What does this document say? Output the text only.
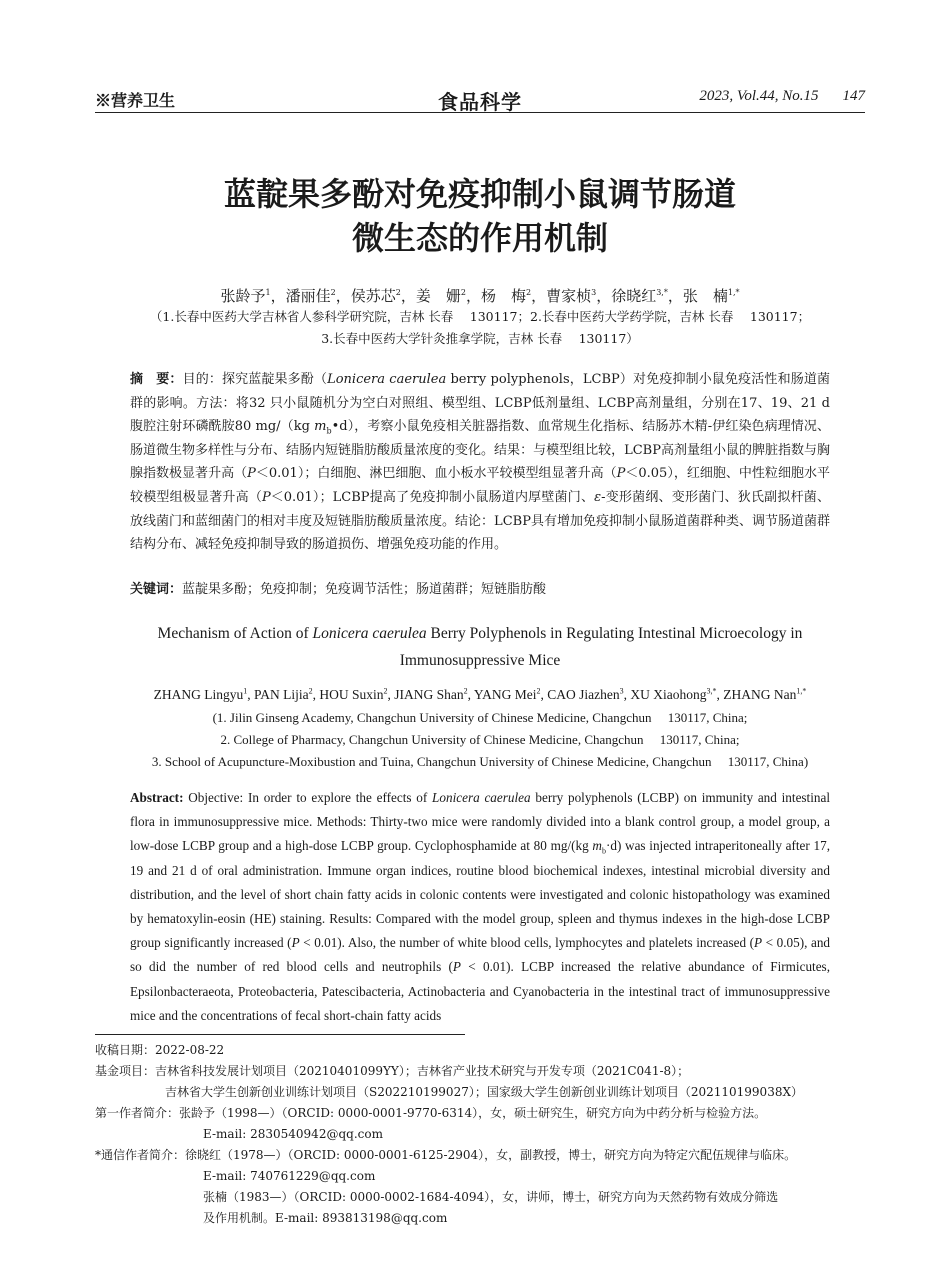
※营养卫生	食品科学	2023, Vol.44, No.15 147
蓝靛果多酚对免疫抑制小鼠调节肠道
微生态的作用机制
张龄予$^1$，潘丽佳$^2$，侯苏芯$^2$，姜　姗$^2$，杨　梅$^2$，曹家桢$^3$，徐晓红$^{3,*}$，张　楠$^{1,*}$
（1.长春中医药大学吉林省人参科学研究院，吉林 长春　 130117；2.长春中医药大学药学院，吉林 长春　 130117；
3.长春中医药大学针灸推拿学院，吉林 长春　 130117）
摘　要：目的：探究蓝靛果多酚（Lonicera caerulea berry polyphenols，LCBP）对免疫抑制小鼠免疫活性和肠道菌群的影响。方法：将32 只小鼠随机分为空白对照组、模型组、LCBP低剂量组、LCBP高剂量组，分别在17、19、21 d腹腔注射环磷酰胺80 mg/（kg $m_b•d$），考察小鼠免疫相关脏器指数、血常规生化指标、结肠苏木精-伊红染色病理情况、肠道微生物多样性与分布、结肠内短链脂肪酸质量浓度的变化。结果：与模型组比较，LCBP高剂量组小鼠的脾脏指数与胸腺指数极显著升高（P＜0.01）；白细胞、淋巴细胞、血小板水平较模型组显著升高（P＜0.05），红细胞、中性粒细胞水平较模型组极显著升高（P＜0.01）；LCBP提高了免疫抑制小鼠肠道内厚壁菌门、ε-变形菌纲、变形菌门、狄氏副拟杆菌、放线菌门和蓝细菌门的相对丰度及短链脂肪酸质量浓度。结论：LCBP具有增加免疫抑制小鼠肠道菌群种类、调节肠道菌群结构分布、减轻免疫抑制导致的肠道损伤、增强免疫功能的作用。
关键词：蓝靛果多酚；免疫抑制；免疫调节活性；肠道菌群；短链脂肪酸
Mechanism of Action of Lonicera caerulea Berry Polyphenols in Regulating Intestinal Microecology in
Immunosuppressive Mice
ZHANG Lingyu$^1$, PAN Lijia$^2$, HOU Suxin$^2$, JIANG Shan$^2$, YANG Mei$^2$, CAO Jiazhen$^3$, XU Xiaohong$^{3,*}$, ZHANG Nan$^{1,*}$
(1. Jilin Ginseng Academy, Changchun University of Chinese Medicine, Changchun 　130117, China;
2. College of Pharmacy, Changchun University of Chinese Medicine, Changchun 　130117, China;
3. School of Acupuncture-Moxibustion and Tuina, Changchun University of Chinese Medicine, Changchun 　130117, China)
Abstract: Objective: In order to explore the effects of Lonicera caerulea berry polyphenols (LCBP) on immunity and intestinal flora in immunosuppressive mice. Methods: Thirty-two mice were randomly divided into a blank control group, a model group, a low-dose LCBP group and a high-dose LCBP group. Cyclophosphamide at 80 mg/(kg $m_b\cdot d$) was injected intraperitoneally after 17, 19 and 21 d of oral administration. Immune organ indices, routine blood biochemical indexes, intestinal microbial diversity and distribution, and the level of short chain fatty acids in colonic contents were investigated and colonic histopathology was examined by hematoxylin-eosin (HE) staining. Results: Compared with the model group, spleen and thymus indexes in the high-dose LCBP group significantly increased (P < 0.01). Also, the number of white blood cells, lymphocytes and platelets increased (P < 0.05), and so did the number of red blood cells and neutrophils (P < 0.01). LCBP increased the relative abundance of Firmicutes, Epsilonbacteraeota, Proteobacteria, Patescibacteria, Actinobacteria and Cyanobacteria in the intestinal tract of immunosuppressive mice and the concentrations of fecal short-chain fatty acids
收稿日期：2022-08-22
基金项目：吉林省科技发展计划项目（20210401099YY）；吉林省产业技术研究与开发专项（2021C041-8）；
吉林省大学生创新创业训练计划项目（S202210199027）；国家级大学生创新创业训练计划项目（202110199038X）
第一作者简介：张龄予（1998—）（ORCID: 0000-0001-9770-6314），女，硕士研究生，研究方向为中药分析与检验方法。
E-mail: 2830540942@qq.com
*通信作者简介：徐晓红（1978—）（ORCID: 0000-0001-6125-2904），女，副教授，博士，研究方向为特定穴配伍规律与临床。
E-mail: 740761229@qq.com
张楠（1983—）（ORCID: 0000-0002-1684-4094），女，讲师，博士，研究方向为天然药物有效成分筛选
及作用机制。E-mail: 893813198@qq.com
